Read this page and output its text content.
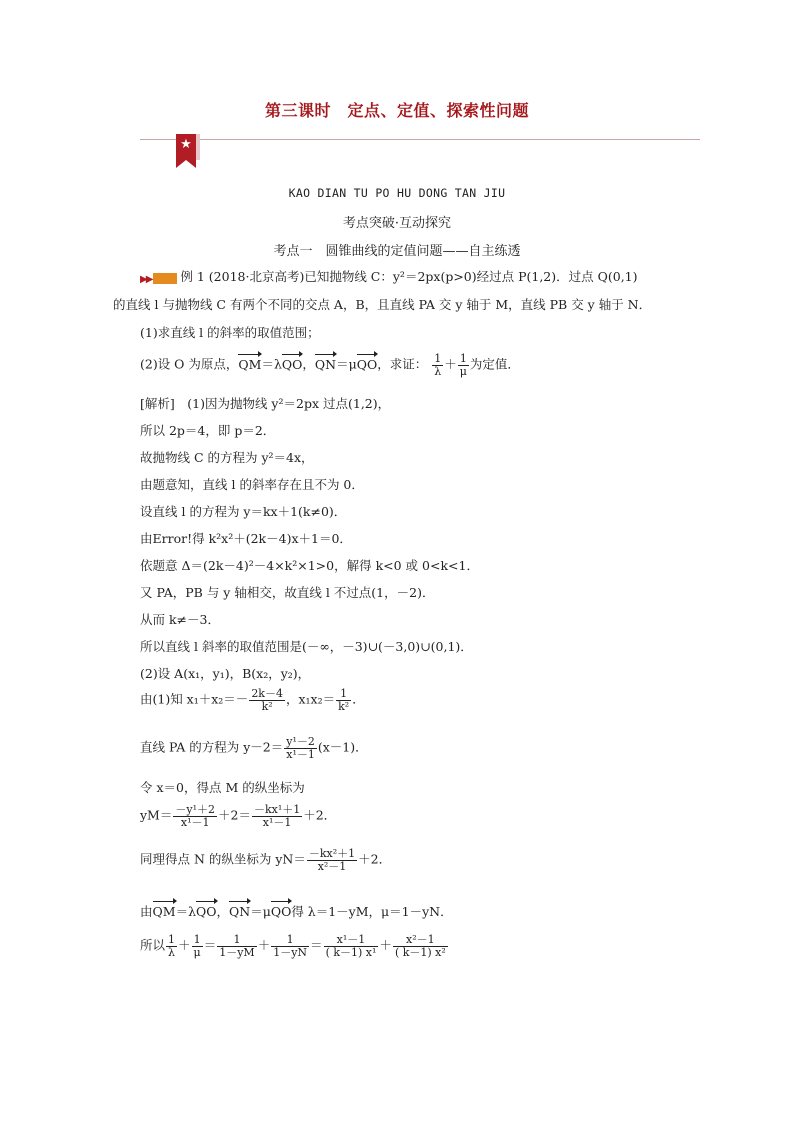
第三课时　定点、定值、探索性问题
★
KAO DIAN TU PO HU DONG TAN JIU
考点突破·互动探究
考点一　圆锥曲线的定值问题——自主练透
▶▶ 例 1 (2018·北京高考)已知抛物线 C：y²＝2px(p>0)经过点 P(1,2)．过点 Q(0,1)
的直线 l 与抛物线 C 有两个不同的交点 A，B，且直线 PA 交 y 轴于 M，直线 PB 交 y 轴于 N．
(1)求直线 l 的斜率的取值范围；
(2)设 O 为原点，QM＝λQO，QN＝μQO，求证： $\frac{1}{\lambda} + \frac{1}{\mu}$ 为定值．
[解析]　(1)因为抛物线 y²＝2px 过点(1,2)，
所以 2p＝4，即 p＝2．
故抛物线 C 的方程为 y²＝4x，
由题意知，直线 l 的斜率存在且不为 0．
设直线 l 的方程为 y＝kx＋1(k≠0)．
由Error!得 k²x²＋(2k－4)x＋1＝0．
依题意 Δ＝(2k－4)²－4×k²×1>0，解得 k<0 或 0<k<1．
又 PA，PB 与 y 轴相交，故直线 l 不过点(1，－2)．
从而 k≠－3．
所以直线 l 斜率的取值范围是(－∞，－3)∪(－3,0)∪(0,1)．
(2)设 A(x₁，y₁)，B(x₂，y₂)，
由(1)知 $x_1+x_2=- \frac{2k-4}{\text{k²}}$ ，$x_1x_2= \frac{1}{\text{k²}}$ ．
直线 PA 的方程为 $y-2= \frac{\text{y¹－2}}{\text{x¹－1}} (x-1)$．
令 x＝0，得点 M 的纵坐标为
$yM= \frac{\text{－y¹＋2}}{\text{x¹－1}} +2= \frac{\text{－kx¹＋1}}{\text{x¹－1}} +2$．
同理得点 N 的纵坐标为 $yN= \frac{\text{－kx²＋1}}{\text{x²－1}} +2$．
由QM＝λQO，QN＝μQO得 λ＝1－yM，μ＝1－yN．
所以 $\frac{1}{\lambda} + \frac{1}{\mu} = \frac{1}{1-yM} + \frac{1}{1-yN} = \frac{\text{x¹－1}}{\text{( k－1) x¹}} + \frac{\text{x²－1}}{\text{( k－1) x²}}$
